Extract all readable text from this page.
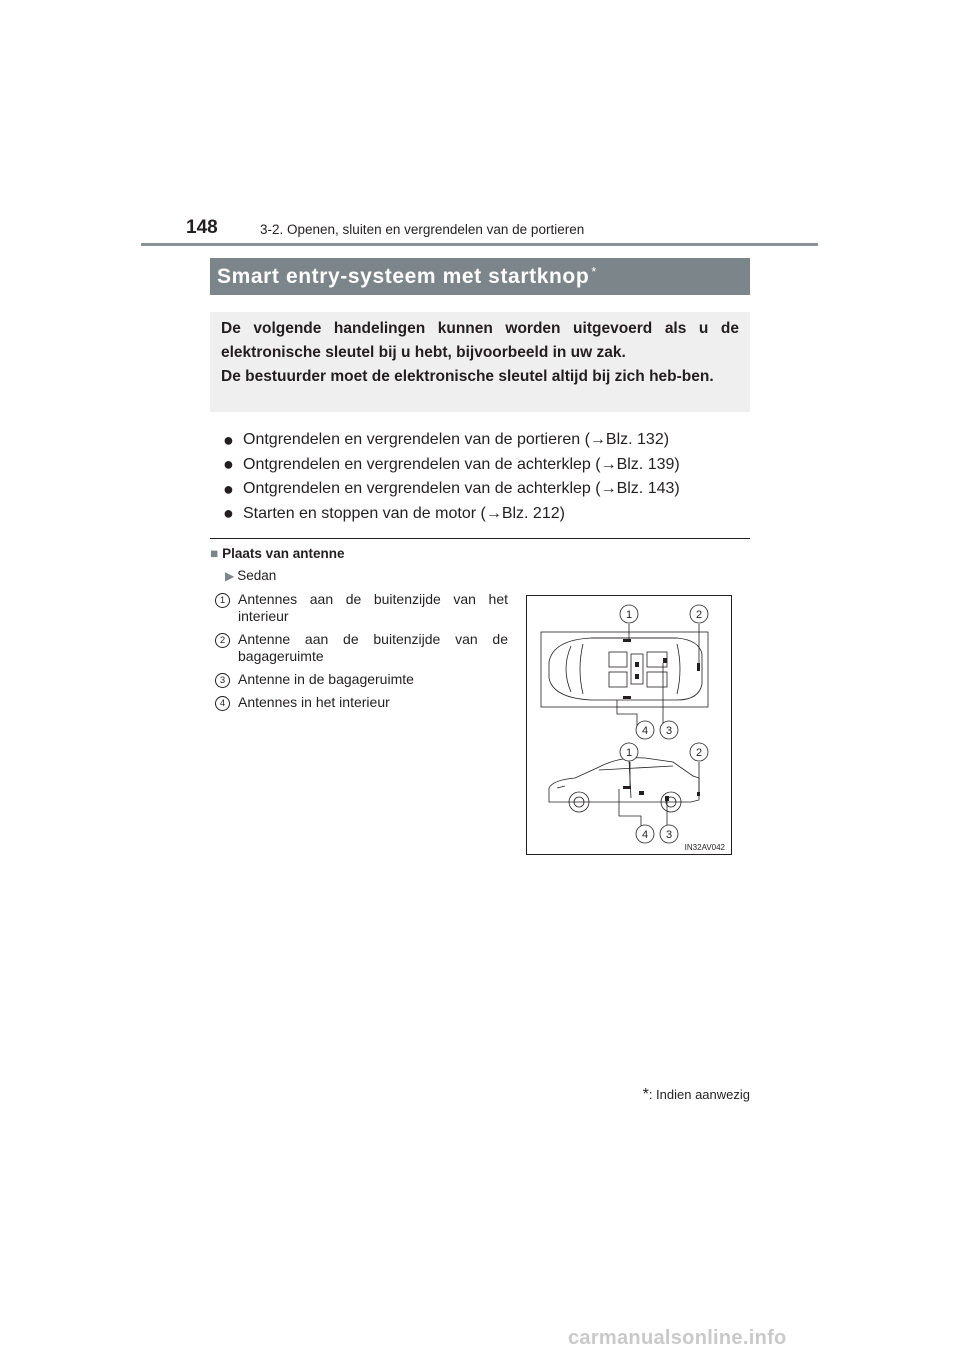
148	3-2. Openen, sluiten en vergrendelen van de portieren
Smart entry-systeem met startknop *

De volgende handelingen kunnen worden uitgevoerd als u de elektronische sleutel bij u hebt, bijvoorbeeld in uw zak.

De bestuurder moet de elektronische sleutel altijd bij zich heb-ben.

● Ontgrendelen en vergrendelen van de portieren (→Blz. 132)
● Ontgrendelen en vergrendelen van de achterklep (→Blz. 139)
● Ontgrendelen en vergrendelen van de achterklep (→Blz. 143)
● Starten en stoppen van de motor (→Blz. 212)
■ Plaats van antenne
▶ Sedan
1 Antennes aan de buitenzijde van het interieur
2 Antenne aan de buitenzijde van de bagageruimte
3 Antenne in de bagageruimte
4 Antennes in het interieur
1	2
4 3
1	2
4 3
IN32AV042
*: Indien aanwezig
carmanualsonline.info
